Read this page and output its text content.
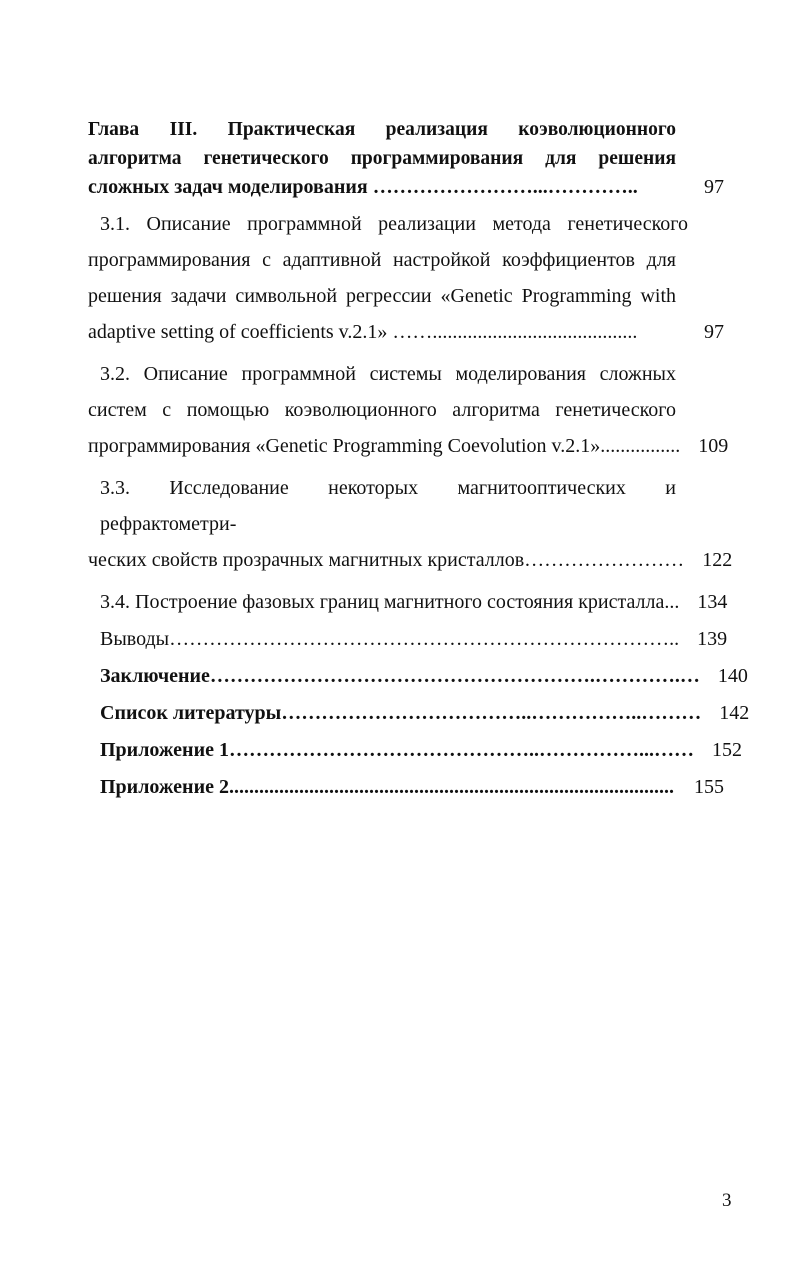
Глава III. Практическая реализация коэволюционного
алгоритма генетического программирования для решения
сложных задач моделирования ……………………...…………..	97
3.1. Описание программной реализации метода генетического
программирования с адаптивной настройкой коэффициентов для
решения задачи символьной регрессии «Genetic Programming with
adaptive setting of coefficients v.2.1» …….........................................	97
3.2. Описание программной системы моделирования сложных
систем с помощью коэволюционного алгоритма генетического
программирования «Genetic Programming Coevolution v.2.1»................ 109
3.3. Исследование некоторых магнитооптических и рефрактометри-
ческих свойств прозрачных магнитных кристаллов…………………… 122
3.4. Построение фазовых границ магнитного состояния кристалла... 134
Выводы………………………………………………………………….. 139
Заключение………………………………………………….………….… 140
Список литературы………………………………..……………..……… 142
Приложение 1………………………………………..……………...…… 152
Приложение 2.........................................................................................	155
3
